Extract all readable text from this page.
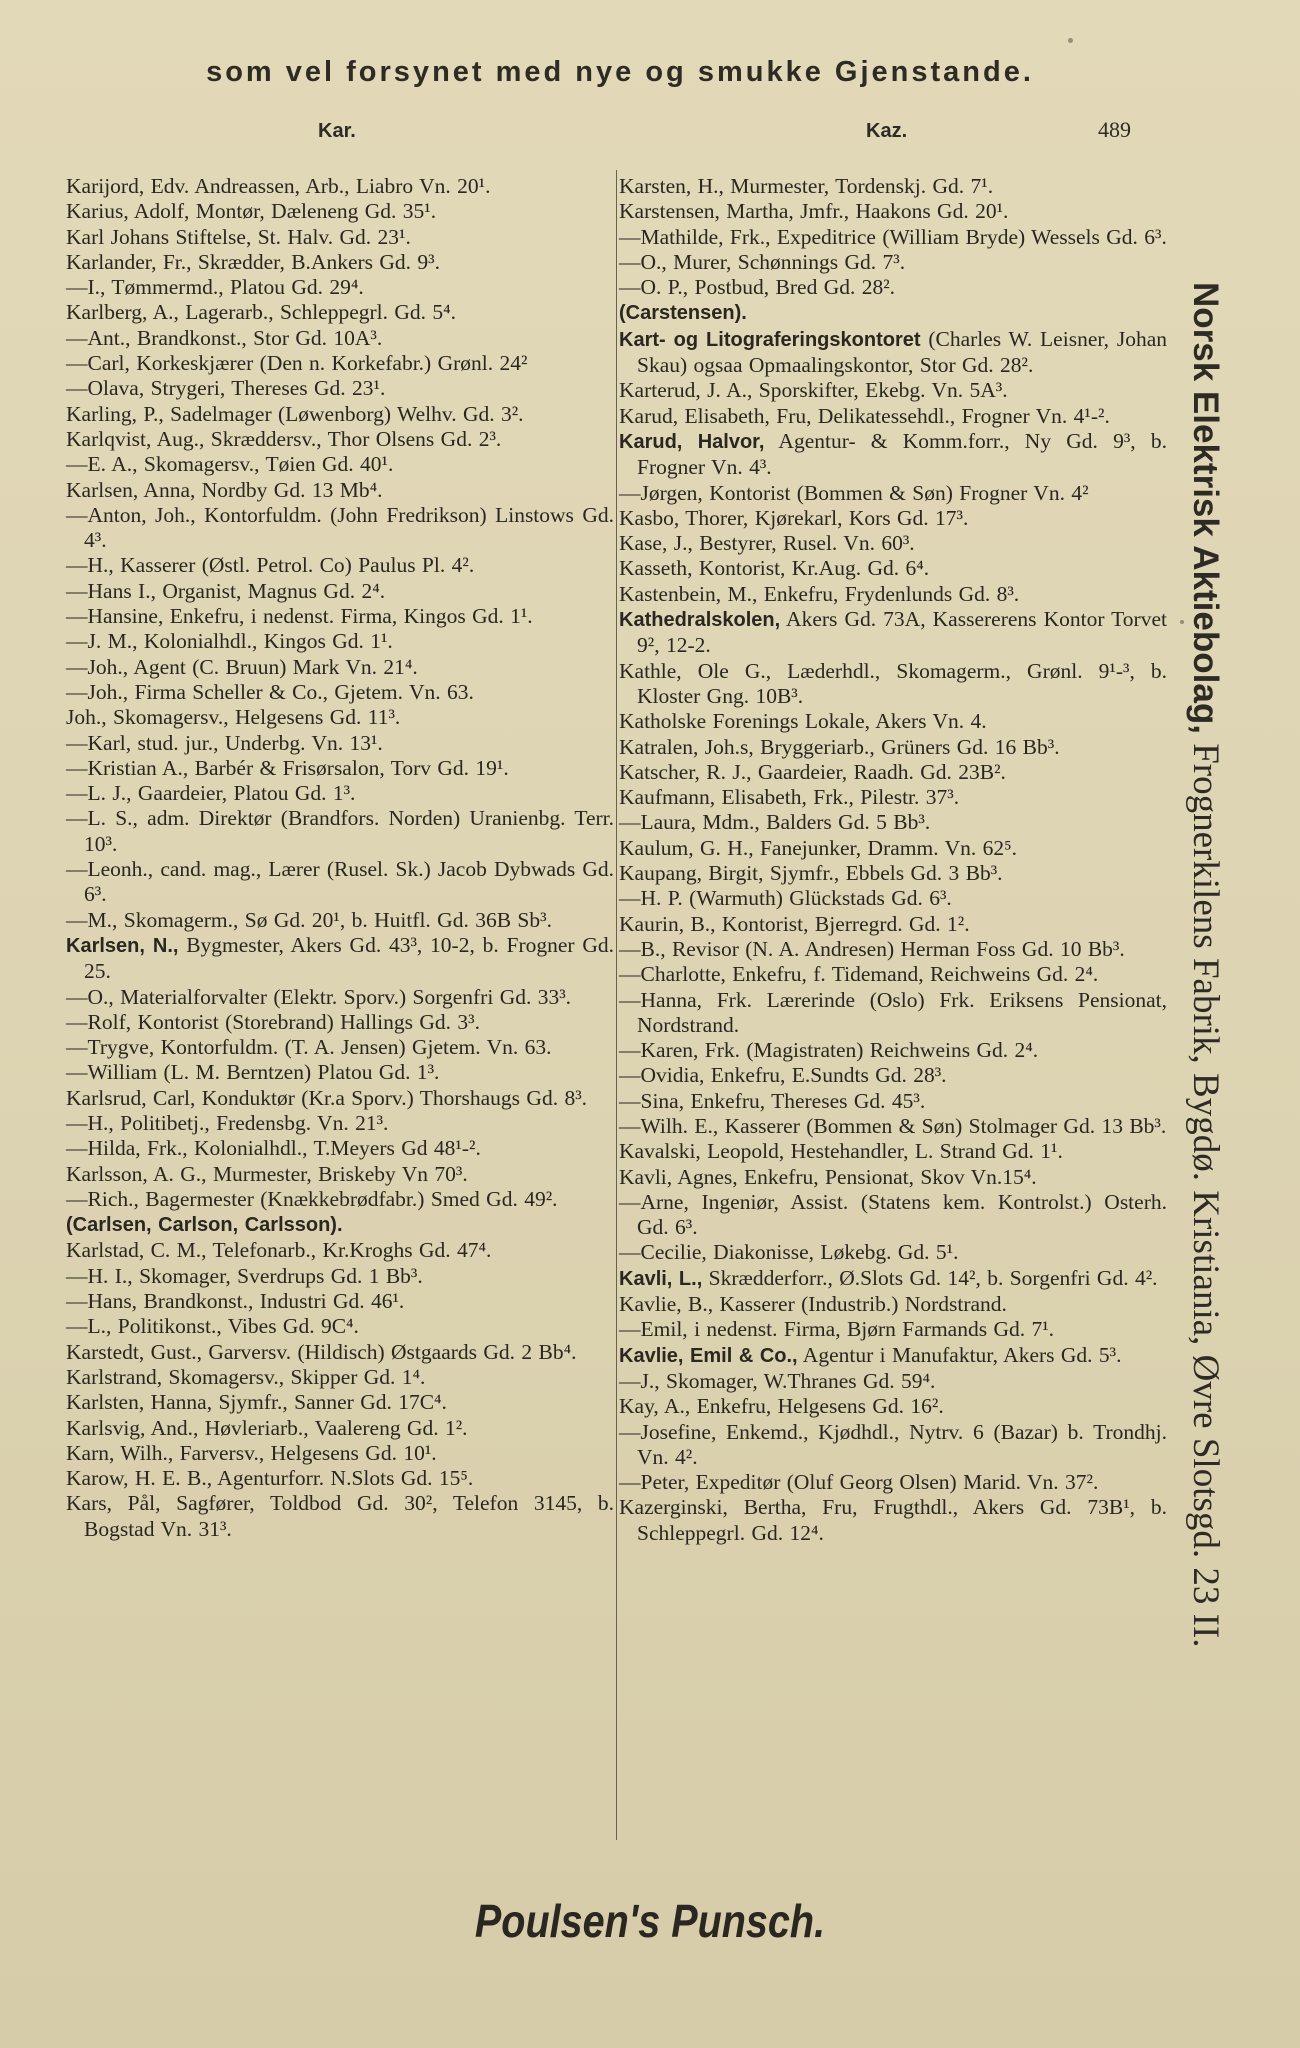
som vel forsynet med nye og smukke Gjenstande.
Kar.	Kaz.	489
Karijord, Edv. Andreassen, Arb., Liabro Vn. 20¹.
Karius, Adolf, Montør, Dæleneng Gd. 35¹.
Karl Johans Stiftelse, St. Halv. Gd. 23¹.
Karlander, Fr., Skrædder, B.Ankers Gd. 9³.
—I., Tømmermd., Platou Gd. 29⁴.
Karlberg, A., Lagerarb., Schleppegrl. Gd. 5⁴.
—Ant., Brandkonst., Stor Gd. 10A³.
—Carl, Korkeskjærer (Den n. Korkefabr.) Grønl. 24²
—Olava, Strygeri, Thereses Gd. 23¹.
Karling, P., Sadelmager (Løwenborg) Welhv. Gd. 3².
Karlqvist, Aug., Skræddersv., Thor Olsens Gd. 2³.
—E. A., Skomagersv., Tøien Gd. 40¹.
Karlsen, Anna, Nordby Gd. 13 Mb⁴.
—Anton, Joh., Kontorfuldm. (John Fredrikson) Linstows Gd. 4³.
—H., Kasserer (Østl. Petrol. Co) Paulus Pl. 4².
—Hans I., Organist, Magnus Gd. 2⁴.
—Hansine, Enkefru, i nedenst. Firma, Kingos Gd. 1¹.
—J. M., Kolonialhdl., Kingos Gd. 1¹.
—Joh., Agent (C. Bruun) Mark Vn. 21⁴.
—Joh., Firma Scheller & Co., Gjetem. Vn. 63.
Joh., Skomagersv., Helgesens Gd. 11³.
—Karl, stud. jur., Underbg. Vn. 13¹.
—Kristian A., Barbér & Frisørsalon, Torv Gd. 19¹.
—L. J., Gaardeier, Platou Gd. 1³.
—L. S., adm. Direktør (Brandfors. Norden) Uranienbg. Terr. 10³.
—Leonh., cand. mag., Lærer (Rusel. Sk.) Jacob Dybwads Gd. 6³.
—M., Skomagerm., Sø Gd. 20¹, b. Huitfl. Gd. 36B Sb³.
Karlsen, N., Bygmester, Akers Gd. 43³, 10-2, b. Frogner Gd. 25.
—O., Materialforvalter (Elektr. Sporv.) Sorgenfri Gd. 33³.
—Rolf, Kontorist (Storebrand) Hallings Gd. 3³.
—Trygve, Kontorfuldm. (T. A. Jensen) Gjetem. Vn. 63.
—William (L. M. Berntzen) Platou Gd. 1³.
Karlsrud, Carl, Konduktør (Kr.a Sporv.) Thorshaugs Gd. 8³.
—H., Politibetj., Fredensbg. Vn. 21³.
—Hilda, Frk., Kolonialhdl., T.Meyers Gd 48¹-².
Karlsson, A. G., Murmester, Briskeby Vn 70³.
—Rich., Bagermester (Knækkebrødfabr.) Smed Gd. 49².
(Carlsen, Carlson, Carlsson).
Karlstad, C. M., Telefonarb., Kr.Kroghs Gd. 47⁴.
—H. I., Skomager, Sverdrups Gd. 1 Bb³.
—Hans, Brandkonst., Industri Gd. 46¹.
—L., Politikonst., Vibes Gd. 9C⁴.
Karstedt, Gust., Garversv. (Hildisch) Østgaards Gd. 2 Bb⁴.
Karlstrand, Skomagersv., Skipper Gd. 1⁴.
Karlsten, Hanna, Sjymfr., Sanner Gd. 17C⁴.
Karlsvig, And., Høvleriarb., Vaalereng Gd. 1².
Karn, Wilh., Farversv., Helgesens Gd. 10¹.
Karow, H. E. B., Agenturforr. N.Slots Gd. 15⁵.
Kars, Pål, Sagfører, Toldbod Gd. 30², Telefon 3145, b. Bogstad Vn. 31³.
Karsten, H., Murmester, Tordenskj. Gd. 7¹.
Karstensen, Martha, Jmfr., Haakons Gd. 20¹.
—Mathilde, Frk., Expeditrice (William Bryde) Wessels Gd. 6³.
—O., Murer, Schønnings Gd. 7³.
—O. P., Postbud, Bred Gd. 28².
(Carstensen).
Kart- og Litograferingskontoret (Charles W. Leisner, Johan Skau) ogsaa Opmaalingskontor, Stor Gd. 28².
Karterud, J. A., Sporskifter, Ekebg. Vn. 5A³.
Karud, Elisabeth, Fru, Delikatessehdl., Frogner Vn. 4¹-².
Karud, Halvor, Agentur- & Komm.forr., Ny Gd. 9³, b. Frogner Vn. 4³.
—Jørgen, Kontorist (Bommen & Søn) Frogner Vn. 4²
Kasbo, Thorer, Kjørekarl, Kors Gd. 17³.
Kase, J., Bestyrer, Rusel. Vn. 60³.
Kasseth, Kontorist, Kr.Aug. Gd. 6⁴.
Kastenbein, M., Enkefru, Frydenlunds Gd. 8³.
Kathedralskolen, Akers Gd. 73A, Kassererens Kontor Torvet 9², 12-2.
Kathle, Ole G., Læderhdl., Skomagerm., Grønl. 9¹-³, b. Kloster Gng. 10B³.
Katholske Forenings Lokale, Akers Vn. 4.
Katralen, Joh.s, Bryggeriarb., Grüners Gd. 16 Bb³.
Katscher, R. J., Gaardeier, Raadh. Gd. 23B².
Kaufmann, Elisabeth, Frk., Pilestr. 37³.
—Laura, Mdm., Balders Gd. 5 Bb³.
Kaulum, G. H., Fanejunker, Dramm. Vn. 62⁵.
Kaupang, Birgit, Sjymfr., Ebbels Gd. 3 Bb³.
—H. P. (Warmuth) Glückstads Gd. 6³.
Kaurin, B., Kontorist, Bjerregrd. Gd. 1².
—B., Revisor (N. A. Andresen) Herman Foss Gd. 10 Bb³.
—Charlotte, Enkefru, f. Tidemand, Reichweins Gd. 2⁴.
—Hanna, Frk. Lærerinde (Oslo) Frk. Eriksens Pensionat, Nordstrand.
—Karen, Frk. (Magistraten) Reichweins Gd. 2⁴.
—Ovidia, Enkefru, E.Sundts Gd. 28³.
—Sina, Enkefru, Thereses Gd. 45³.
—Wilh. E., Kasserer (Bommen & Søn) Stolmager Gd. 13 Bb³.
Kavalski, Leopold, Hestehandler, L. Strand Gd. 1¹.
Kavli, Agnes, Enkefru, Pensionat, Skov Vn.15⁴.
—Arne, Ingeniør, Assist. (Statens kem. Kontrolst.) Osterh. Gd. 6³.
—Cecilie, Diakonisse, Løkebg. Gd. 5¹.
Kavli, L., Skrædderforr., Ø.Slots Gd. 14², b. Sorgenfri Gd. 4².
Kavlie, B., Kasserer (Industrib.) Nordstrand.
—Emil, i nedenst. Firma, Bjørn Farmands Gd. 7¹.
Kavlie, Emil & Co., Agentur i Manufaktur, Akers Gd. 5³.
—J., Skomager, W.Thranes Gd. 59⁴.
Kay, A., Enkefru, Helgesens Gd. 16².
—Josefine, Enkemd., Kjødhdl., Nytrv. 6 (Bazar) b. Trondhj. Vn. 4².
—Peter, Expeditør (Oluf Georg Olsen) Marid. Vn. 37².
Kazerginski, Bertha, Fru, Frugthdl., Akers Gd. 73B¹, b. Schleppegrl. Gd. 12⁴.
Norsk Elektrisk Aktiebolag, Frognerkilens Fabrik, Bygdø. Kristiania, Øvre Slotsgd. 23 II.
Poulsen's Punsch.
